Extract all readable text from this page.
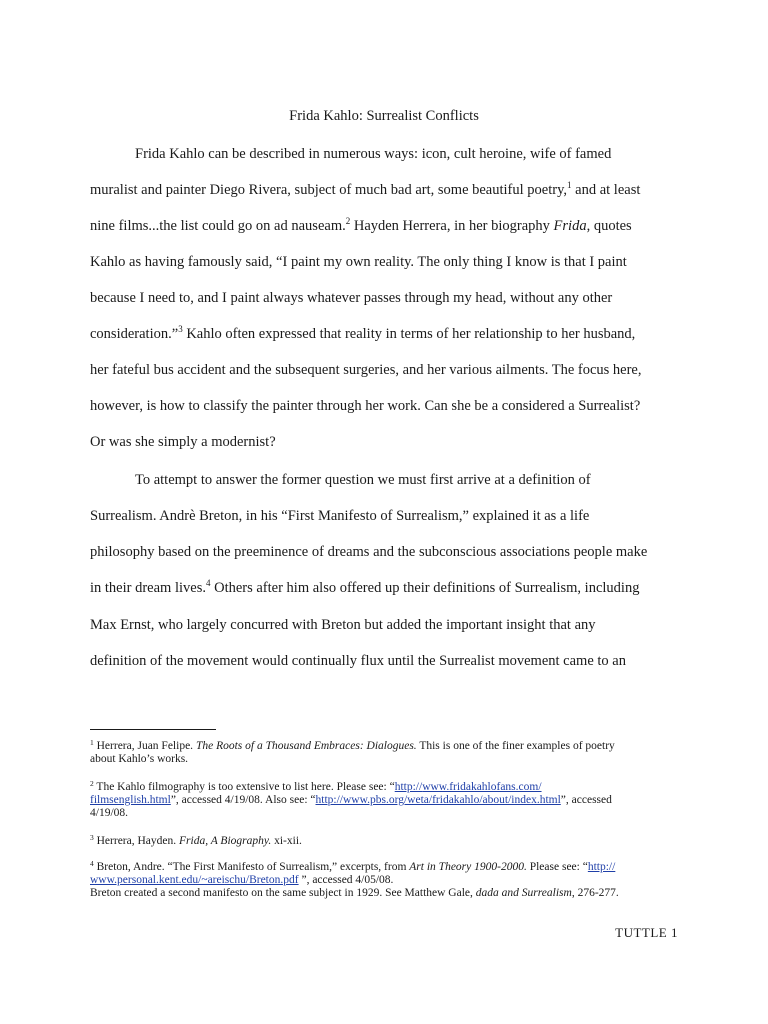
Frida Kahlo: Surrealist Conflicts
Frida Kahlo can be described in numerous ways: icon, cult heroine, wife of famed
muralist and painter Diego Rivera, subject of much bad art, some beautiful poetry,$^1$ and at least
nine films...the list could go on ad nauseam.$^2$ Hayden Herrera, in her biography Frida, quotes
Kahlo as having famously said, “I paint my own reality. The only thing I know is that I paint
because I need to, and I paint always whatever passes through my head, without any other
consideration.”$^3$ Kahlo often expressed that reality in terms of her relationship to her husband,
her fateful bus accident and the subsequent surgeries, and her various ailments. The focus here,
however, is how to classify the painter through her work. Can she be a considered a Surrealist?
Or was she simply a modernist?
To attempt to answer the former question we must first arrive at a definition of
Surrealism. Andrè Breton, in his “First Manifesto of Surrealism,” explained it as a life
philosophy based on the preeminence of dreams and the subconscious associations people make
in their dream lives.$^4$ Others after him also offered up their definitions of Surrealism, including
Max Ernst, who largely concurred with Breton but added the important insight that any
definition of the movement would continually flux until the Surrealist movement came to an
$^1$ Herrera, Juan Felipe. The Roots of a Thousand Embraces: Dialogues. This is one of the finer examples of poetry
about Kahlo’s works.
$^2$ The Kahlo filmography is too extensive to list here. Please see: “http://www.fridakahlofans.com/
filmsenglish.html”, accessed 4/19/08. Also see: “http://www.pbs.org/weta/fridakahlo/about/index.html”, accessed
4/19/08.
$^3$ Herrera, Hayden. Frida, A Biography. xi-xii.
$^4$ Breton, Andre. “The First Manifesto of Surrealism,” excerpts, from Art in Theory 1900-2000. Please see: “http://
www.personal.kent.edu/~areischu/Breton.pdf ”, accessed 4/05/08.
Breton created a second manifesto on the same subject in 1929. See Matthew Gale, dada and Surrealism, 276-277.
TUTTLE 1
